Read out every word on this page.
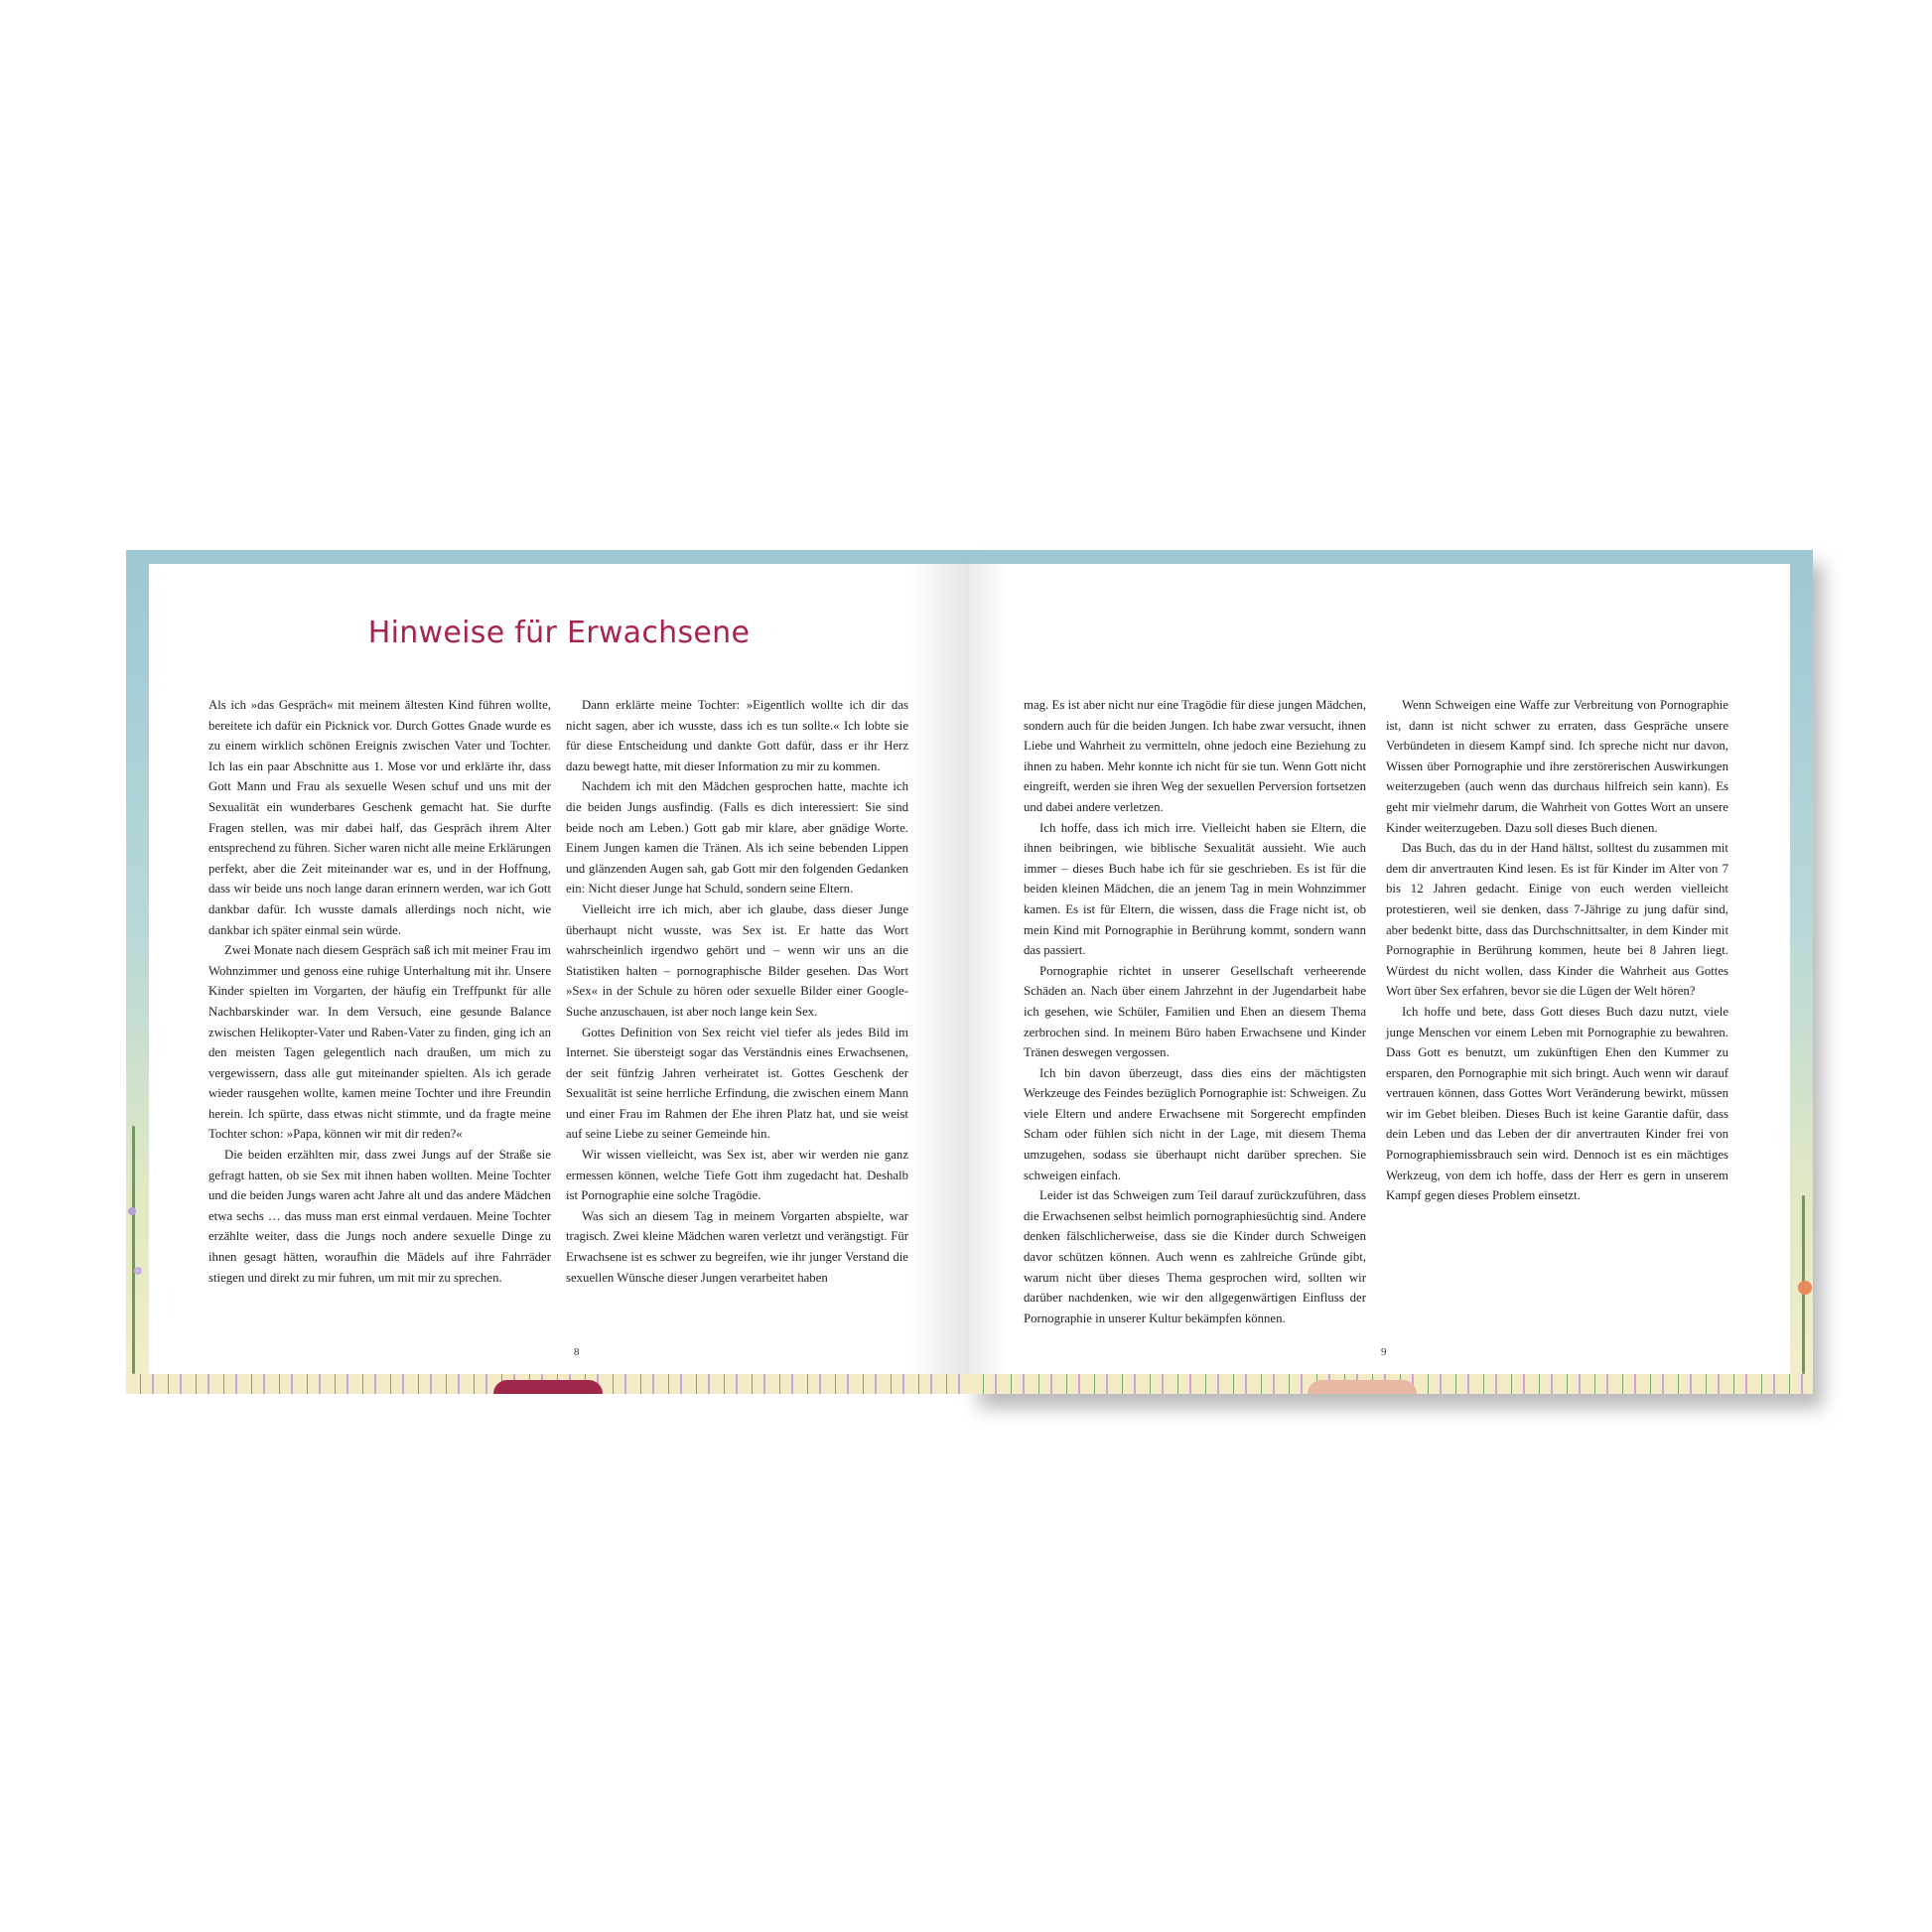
Hinweise für Erwachsene

Als ich »das Gespräch« mit meinem ältesten Kind führen wollte, bereitete ich dafür ein Picknick vor. Durch Gottes Gnade wurde es zu einem wirklich schönen Ereignis zwischen Vater und Tochter. Ich las ein paar Abschnitte aus 1. Mose vor und erklärte ihr, dass Gott Mann und Frau als sexuelle Wesen schuf und uns mit der Sexualität ein wunderbares Geschenk gemacht hat. Sie durfte Fragen stellen, was mir dabei half, das Gespräch ihrem Alter entsprechend zu führen. Sicher waren nicht alle meine Erklärungen perfekt, aber die Zeit miteinander war es, und in der Hoffnung, dass wir beide uns noch lange daran erinnern werden, war ich Gott dankbar dafür. Ich wusste damals allerdings noch nicht, wie dankbar ich später einmal sein würde.

Zwei Monate nach diesem Gespräch saß ich mit meiner Frau im Wohnzimmer und genoss eine ruhige Unterhaltung mit ihr. Unsere Kinder spielten im Vorgarten, der häufig ein Treffpunkt für alle Nachbarskinder war. In dem Versuch, eine gesunde Balance zwischen Helikopter-Vater und Raben-Vater zu finden, ging ich an den meisten Tagen gelegentlich nach draußen, um mich zu vergewissern, dass alle gut miteinander spielten. Als ich gerade wieder rausgehen wollte, kamen meine Tochter und ihre Freundin herein. Ich spürte, dass etwas nicht stimmte, und da fragte meine Tochter schon: »Papa, können wir mit dir reden?«

Die beiden erzählten mir, dass zwei Jungs auf der Straße sie gefragt hatten, ob sie Sex mit ihnen haben wollten. Meine Tochter und die beiden Jungs waren acht Jahre alt und das andere Mädchen etwa sechs … das muss man erst einmal verdauen. Meine Tochter erzählte weiter, dass die Jungs noch andere sexuelle Dinge zu ihnen gesagt hätten, woraufhin die Mädels auf ihre Fahrräder stiegen und direkt zu mir fuhren, um mit mir zu sprechen.

Dann erklärte meine Tochter: »Eigentlich wollte ich dir das nicht sagen, aber ich wusste, dass ich es tun sollte.« Ich lobte sie für diese Entscheidung und dankte Gott dafür, dass er ihr Herz dazu bewegt hatte, mit dieser Information zu mir zu kommen.

Nachdem ich mit den Mädchen gesprochen hatte, machte ich die beiden Jungs ausfindig. (Falls es dich interessiert: Sie sind beide noch am Leben.) Gott gab mir klare, aber gnädige Worte. Einem Jungen kamen die Tränen. Als ich seine bebenden Lippen und glänzenden Augen sah, gab Gott mir den folgenden Gedanken ein: Nicht dieser Junge hat Schuld, sondern seine Eltern.

Vielleicht irre ich mich, aber ich glaube, dass dieser Junge überhaupt nicht wusste, was Sex ist. Er hatte das Wort wahrscheinlich irgendwo gehört und – wenn wir uns an die Statistiken halten – pornographische Bilder gesehen. Das Wort »Sex« in der Schule zu hören oder sexuelle Bilder einer Google-Suche anzuschauen, ist aber noch lange kein Sex.

Gottes Definition von Sex reicht viel tiefer als jedes Bild im Internet. Sie übersteigt sogar das Verständnis eines Erwachsenen, der seit fünfzig Jahren verheiratet ist. Gottes Geschenk der Sexualität ist seine herrliche Erfindung, die zwischen einem Mann und einer Frau im Rahmen der Ehe ihren Platz hat, und sie weist auf seine Liebe zu seiner Gemeinde hin.

Wir wissen vielleicht, was Sex ist, aber wir werden nie ganz ermessen können, welche Tiefe Gott ihm zugedacht hat. Deshalb ist Pornographie eine solche Tragödie.

Was sich an diesem Tag in meinem Vorgarten abspielte, war tragisch. Zwei kleine Mädchen waren verletzt und verängstigt. Für Erwachsene ist es schwer zu begreifen, wie ihr junger Verstand die sexuellen Wünsche dieser Jungen verarbeitet haben

8

mag. Es ist aber nicht nur eine Tragödie für diese jungen Mädchen, sondern auch für die beiden Jungen. Ich habe zwar versucht, ihnen Liebe und Wahrheit zu vermitteln, ohne jedoch eine Beziehung zu ihnen zu haben. Mehr konnte ich nicht für sie tun. Wenn Gott nicht eingreift, werden sie ihren Weg der sexuellen Perversion fortsetzen und dabei andere verletzen.

Ich hoffe, dass ich mich irre. Vielleicht haben sie Eltern, die ihnen beibringen, wie biblische Sexualität aussieht. Wie auch immer – dieses Buch habe ich für sie geschrieben. Es ist für die beiden kleinen Mädchen, die an jenem Tag in mein Wohnzimmer kamen. Es ist für Eltern, die wissen, dass die Frage nicht ist, ob mein Kind mit Pornographie in Berührung kommt, sondern wann das passiert.

Pornographie richtet in unserer Gesellschaft verheerende Schäden an. Nach über einem Jahrzehnt in der Jugendarbeit habe ich gesehen, wie Schüler, Familien und Ehen an diesem Thema zerbrochen sind. In meinem Büro haben Erwachsene und Kinder Tränen deswegen vergossen.

Ich bin davon überzeugt, dass dies eins der mächtigsten Werkzeuge des Feindes bezüglich Pornographie ist: Schweigen. Zu viele Eltern und andere Erwachsene mit Sorgerecht empfinden Scham oder fühlen sich nicht in der Lage, mit diesem Thema umzugehen, sodass sie überhaupt nicht darüber sprechen. Sie schweigen einfach.

Leider ist das Schweigen zum Teil darauf zurückzuführen, dass die Erwachsenen selbst heimlich pornographiesüchtig sind. Andere denken fälschlicherweise, dass sie die Kinder durch Schweigen davor schützen können. Auch wenn es zahlreiche Gründe gibt, warum nicht über dieses Thema gesprochen wird, sollten wir darüber nachdenken, wie wir den allgegenwärtigen Einfluss der Pornographie in unserer Kultur bekämpfen können.

Wenn Schweigen eine Waffe zur Verbreitung von Pornographie ist, dann ist nicht schwer zu erraten, dass Gespräche unsere Verbündeten in diesem Kampf sind. Ich spreche nicht nur davon, Wissen über Pornographie und ihre zerstörerischen Auswirkungen weiterzugeben (auch wenn das durchaus hilfreich sein kann). Es geht mir vielmehr darum, die Wahrheit von Gottes Wort an unsere Kinder weiterzugeben. Dazu soll dieses Buch dienen.

Das Buch, das du in der Hand hältst, solltest du zusammen mit dem dir anvertrauten Kind lesen. Es ist für Kinder im Alter von 7 bis 12 Jahren gedacht. Einige von euch werden vielleicht protestieren, weil sie denken, dass 7-Jährige zu jung dafür sind, aber bedenkt bitte, dass das Durchschnittsalter, in dem Kinder mit Pornographie in Berührung kommen, heute bei 8 Jahren liegt. Würdest du nicht wollen, dass Kinder die Wahrheit aus Gottes Wort über Sex erfahren, bevor sie die Lügen der Welt hören?

Ich hoffe und bete, dass Gott dieses Buch dazu nutzt, viele junge Menschen vor einem Leben mit Pornographie zu bewahren. Dass Gott es benutzt, um zukünftigen Ehen den Kummer zu ersparen, den Pornographie mit sich bringt. Auch wenn wir darauf vertrauen können, dass Gottes Wort Veränderung bewirkt, müssen wir im Gebet bleiben. Dieses Buch ist keine Garantie dafür, dass dein Leben und das Leben der dir anvertrauten Kinder frei von Pornographiemissbrauch sein wird. Dennoch ist es ein mächtiges Werkzeug, von dem ich hoffe, dass der Herr es gern in unserem Kampf gegen dieses Problem einsetzt.

9
